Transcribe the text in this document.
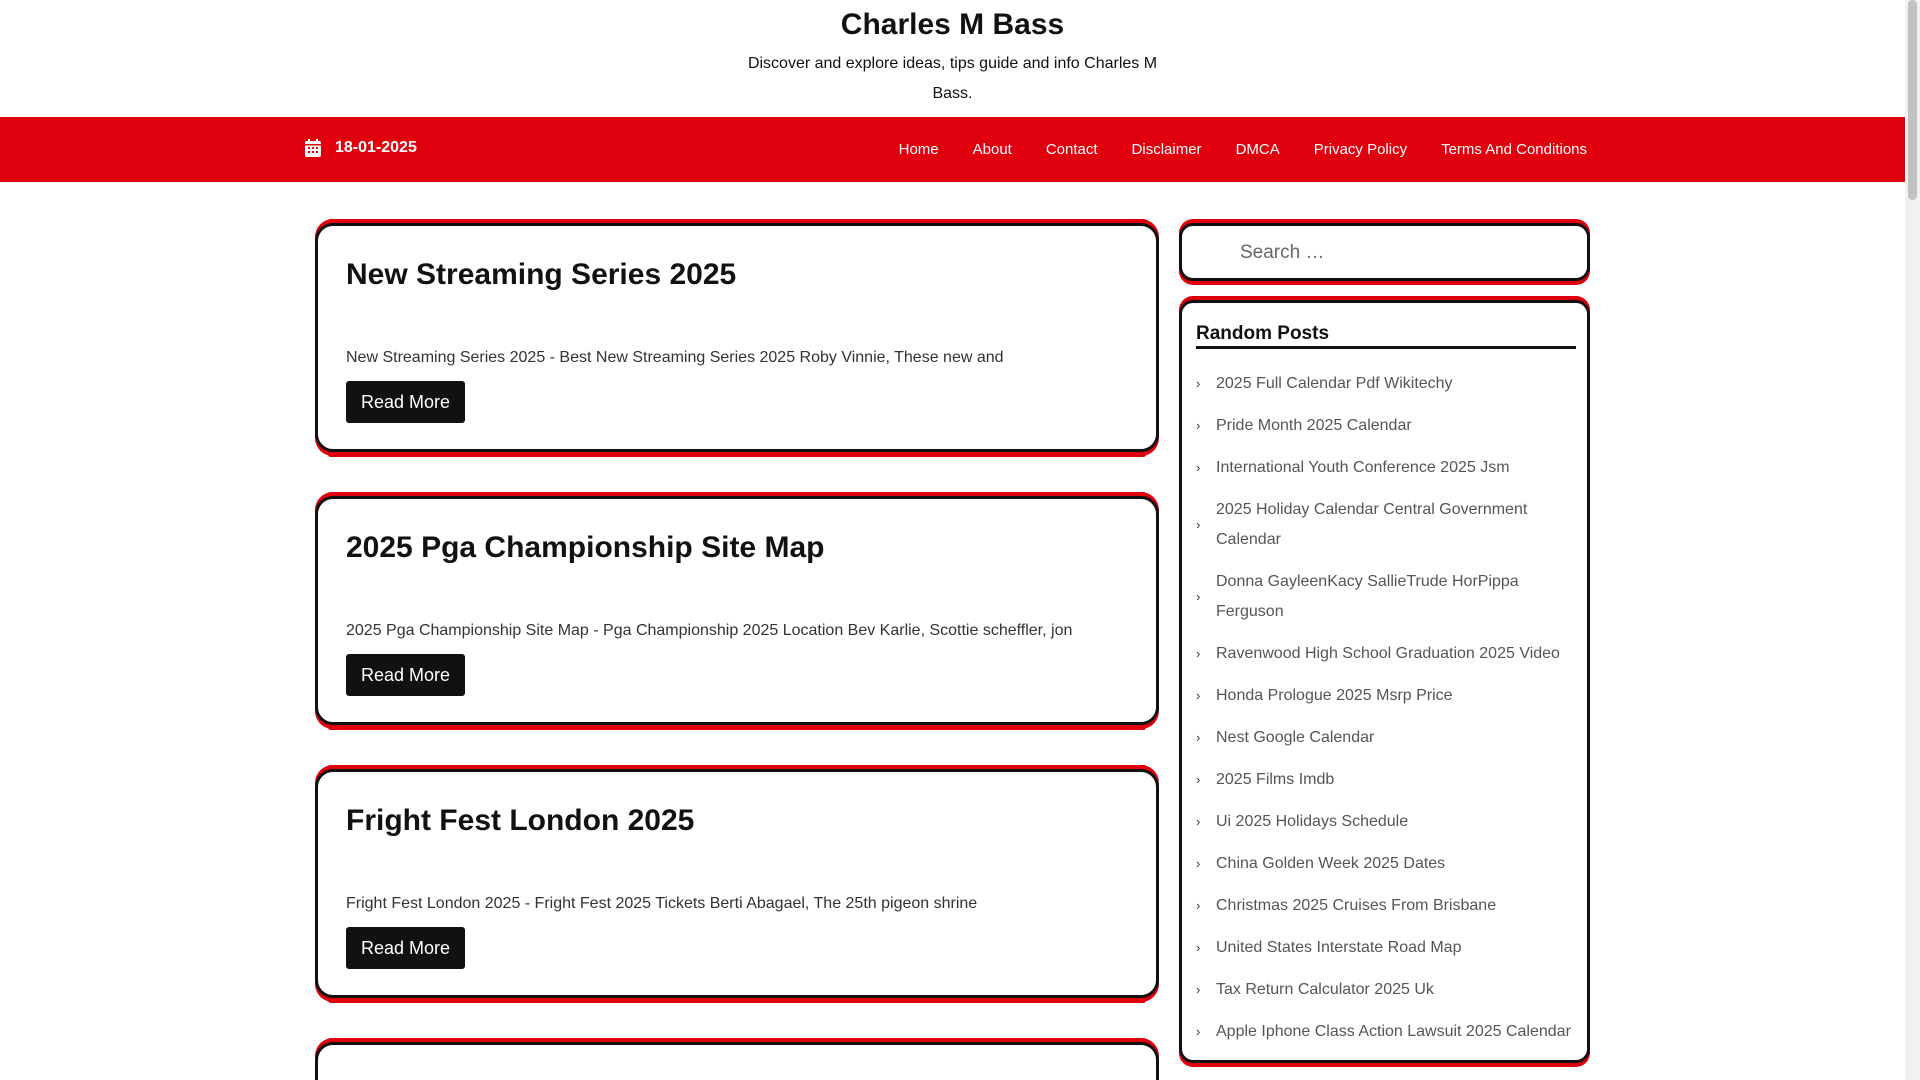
Charles M Bass
Discover and explore ideas, tips guide and info Charles M Bass.
18-01-2025	Home About Contact Disclaimer DMCA Privacy Policy Terms And Conditions
New Streaming Series 2025

New Streaming Series 2025 - Best New Streaming Series 2025 Roby Vinnie, These new and

Read More
2025 Pga Championship Site Map

2025 Pga Championship Site Map - Pga Championship 2025 Location Bev Karlie, Scottie scheffler, jon

Read More
Fright Fest London 2025

Fright Fest London 2025 - Fright Fest 2025 Tickets Berti Abagael, The 25th pigeon shrine

Read More
Search …
Random Posts
› 2025 Full Calendar Pdf Wikitechy
› Pride Month 2025 Calendar
› International Youth Conference 2025 Jsm
›
2025 Holiday Calendar Central Government Calendar
›
Donna GayleenKacy SallieTrude HorPippa Ferguson
› Ravenwood High School Graduation 2025 Video
› Honda Prologue 2025 Msrp Price
› Nest Google Calendar
› 2025 Films Imdb
› Ui 2025 Holidays Schedule
› China Golden Week 2025 Dates
› Christmas 2025 Cruises From Brisbane
› United States Interstate Road Map
› Tax Return Calculator 2025 Uk
› Apple Iphone Class Action Lawsuit 2025 Calendar
